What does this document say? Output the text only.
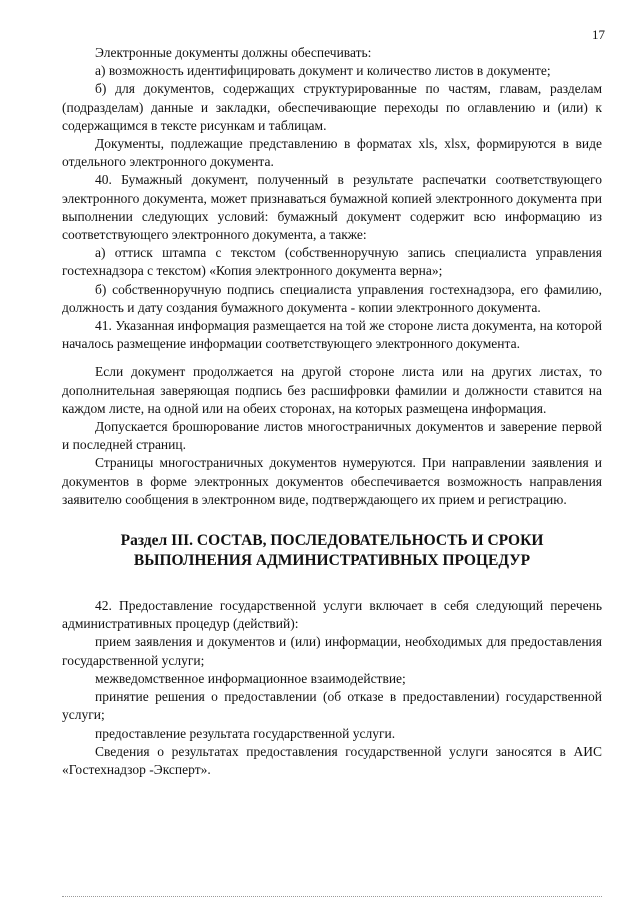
17

Электронные документы должны обеспечивать:

а) возможность идентифицировать документ и количество листов в документе;

б) для документов, содержащих структурированные по частям, главам, разделам (подразделам) данные и закладки, обеспечивающие переходы по оглавлению и (или) к содержащимся в тексте рисункам и таблицам.

Документы, подлежащие представлению в форматах xls, xlsx, формируются в виде отдельного электронного документа.

40. Бумажный документ, полученный в результате распечатки соответствующего электронного документа, может признаваться бумажной копией электронного документа при выполнении следующих условий: бумажный документ содержит всю информацию из соответствующего электронного документа, а также:

а) оттиск штампа с текстом (собственноручную запись специалиста управления гостехнадзора с текстом) «Копия электронного документа верна»;

б) собственноручную подпись специалиста управления гостехнадзора, его фамилию, должность и дату создания бумажного документа - копии электронного документа.

41. Указанная информация размещается на той же стороне листа документа, на которой началось размещение информации соответствующего электронного документа.

Если документ продолжается на другой стороне листа или на других листах, то дополнительная заверяющая подпись без расшифровки фамилии и должности ставится на каждом листе, на одной или на обеих сторонах, на которых размещена информация.

Допускается брошюрование листов многостраничных документов и заверение первой и последней страниц.

Страницы многостраничных документов нумеруются. При направлении заявления и документов в форме электронных документов обеспечивается возможность направления заявителю сообщения в электронном виде, подтверждающего их прием и регистрацию.

Раздел III. СОСТАВ, ПОСЛЕДОВАТЕЛЬНОСТЬ И СРОКИ
ВЫПОЛНЕНИЯ АДМИНИСТРАТИВНЫХ ПРОЦЕДУР

42. Предоставление государственной услуги включает в себя следующий перечень административных процедур (действий):

прием заявления и документов и (или) информации, необходимых для предоставления государственной услуги;

межведомственное информационное взаимодействие;

принятие решения о предоставлении (об отказе в предоставлении) государственной услуги;

предоставление результата государственной услуги.

Сведения о результатах предоставления государственной услуги заносятся в АИС «Гостехнадзор -Эксперт».
